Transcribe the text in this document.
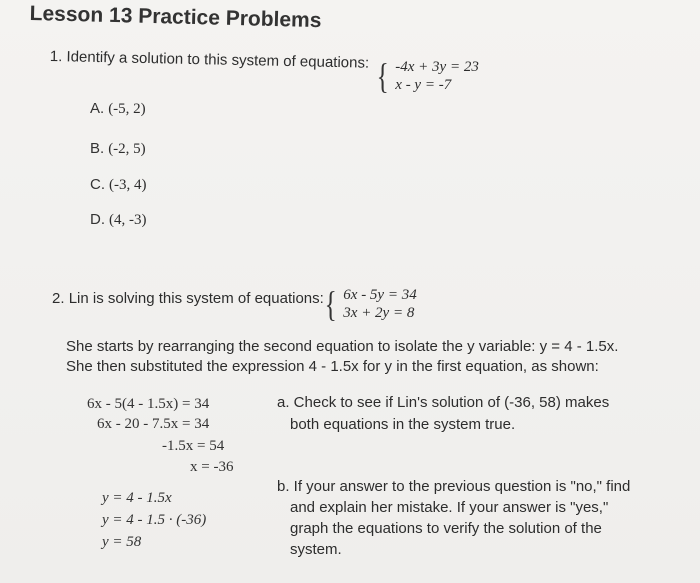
Lesson 13 Practice Problems
1. Identify a solution to this system of equations: { -4x + 3y = 23
x - y = -7
A. (-5, 2)
B. (-2, 5)
C. (-3, 4)
D. (4, -3)
2. Lin is solving this system of equations: { 6x - 5y = 34
3x + 2y = 8
She starts by rearranging the second equation to isolate the y variable: y = 4 - 1.5x.
She then substituted the expression 4 - 1.5x for y in the first equation, as shown:
6x - 5(4 - 1.5x) = 34
6x - 20 - 7.5x = 34
-1.5x = 54
x = -36
y = 4 - 1.5x
y = 4 - 1.5 · (-36)
y = 58
a. Check to see if Lin's solution of (-36, 58) makes
both equations in the system true.
b. If your answer to the previous question is "no," find
and explain her mistake. If your answer is "yes,"
graph the equations to verify the solution of the
system.
